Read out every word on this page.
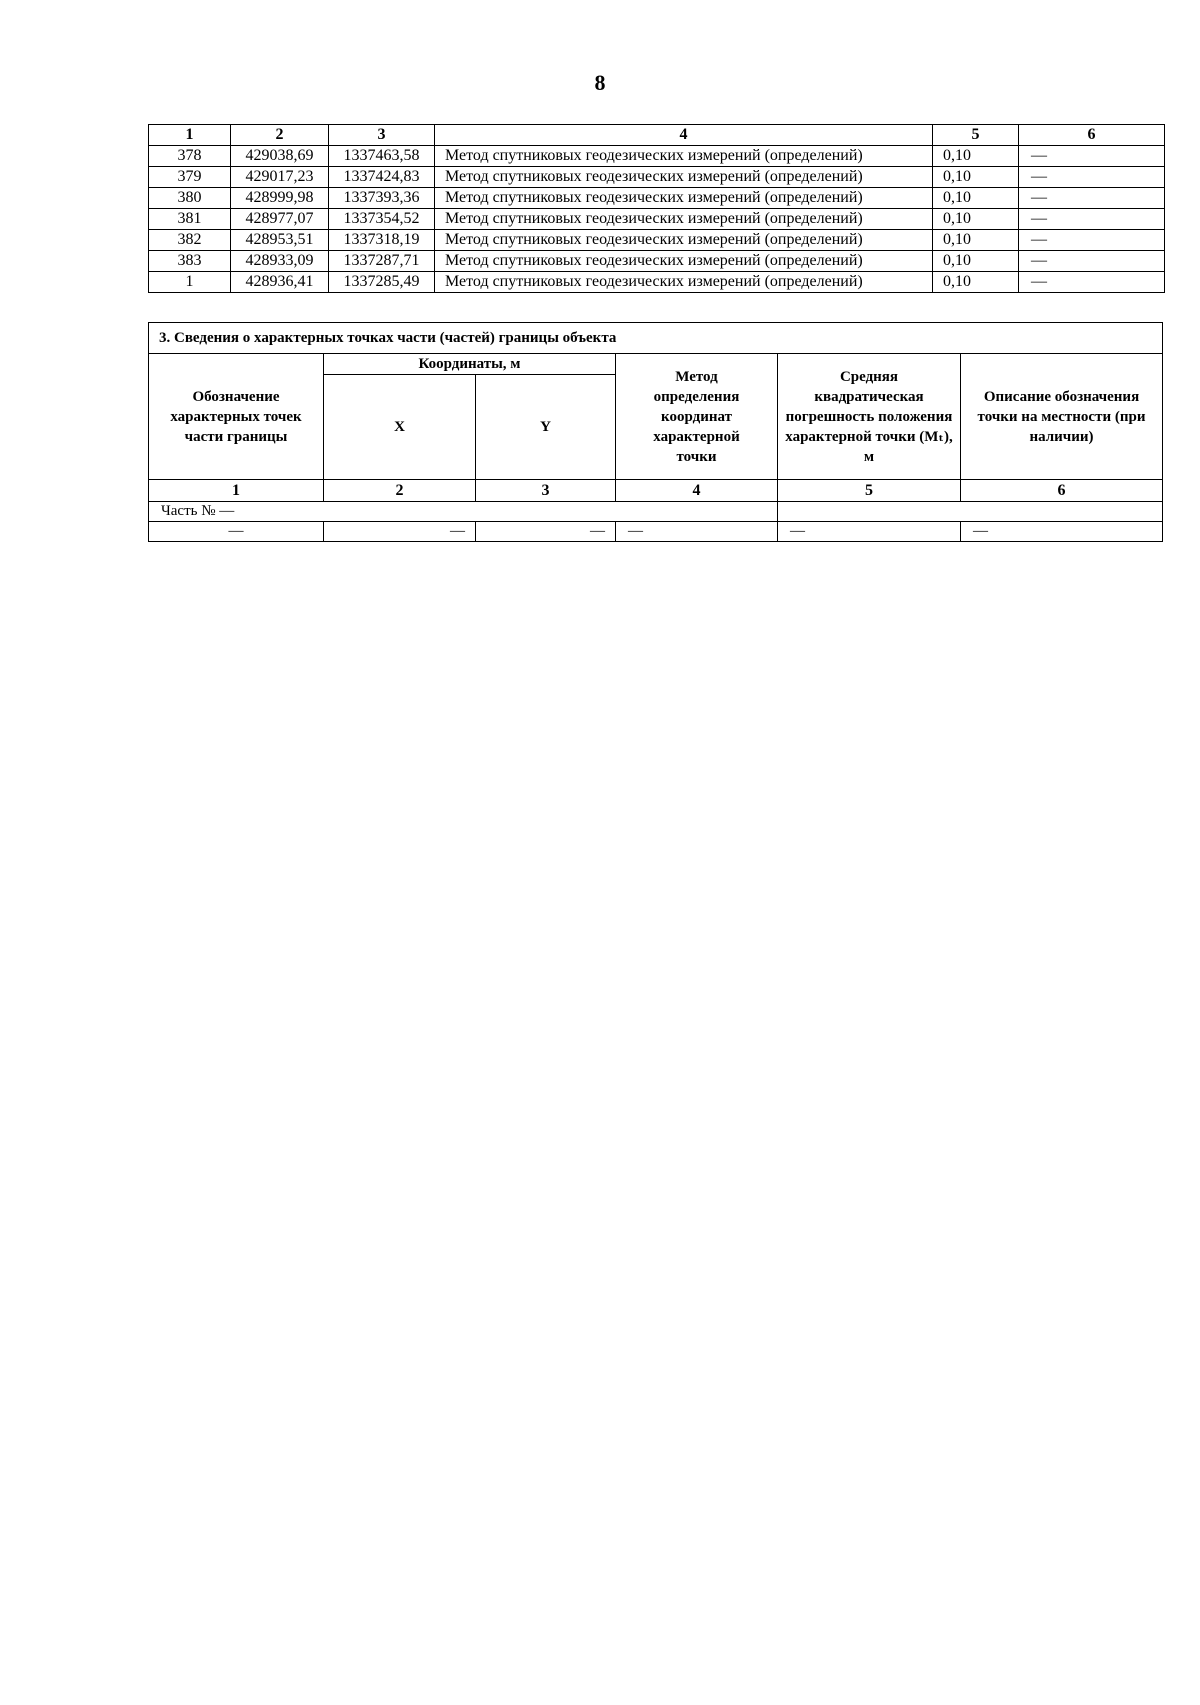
8
1	2	3	4	5	6
378	429038,69	1337463,58	Метод спутниковых геодезических измерений (определений)	0,10	—
379	429017,23	1337424,83	Метод спутниковых геодезических измерений (определений)	0,10	—
380	428999,98	1337393,36	Метод спутниковых геодезических измерений (определений)	0,10	—
381	428977,07	1337354,52	Метод спутниковых геодезических измерений (определений)	0,10	—
382	428953,51	1337318,19	Метод спутниковых геодезических измерений (определений)	0,10	—
383	428933,09	1337287,71	Метод спутниковых геодезических измерений (определений)	0,10	—
1	428936,41	1337285,49	Метод спутниковых геодезических измерений (определений)	0,10	—
3. Сведения о характерных точках части (частей) границы объекта					
Обозначение характерных точек части границы	Координаты, м		Метод определения координат характерной точки	Средняя квадратическая погрешность положения характерной точки (Mₜ), м	Описание обозначения точки на местности (при наличии)
	X	Y			
1	2	3	4	5	6
Часть № —					
—	—	—	—	—	—
